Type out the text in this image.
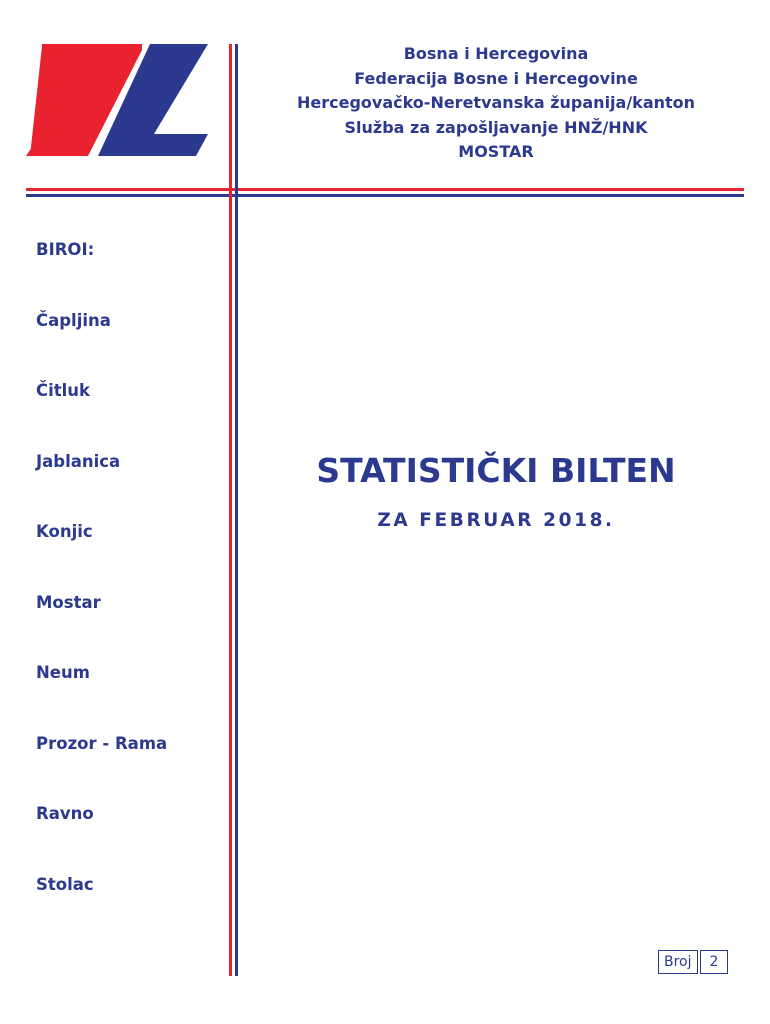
Bosna i Hercegovina
Federacija Bosne i Hercegovine
Hercegovačko-Neretvanska županija/kanton
Služba za zapošljavanje HNŽ/HNK
MOSTAR
BIROI:
Čapljina
Čitluk
Jablanica
Konjic
Mostar
Neum
Prozor - Rama
Ravno
Stolac
STATISTIČKI BILTEN
ZA FEBRUAR 2018.
Broj	2
